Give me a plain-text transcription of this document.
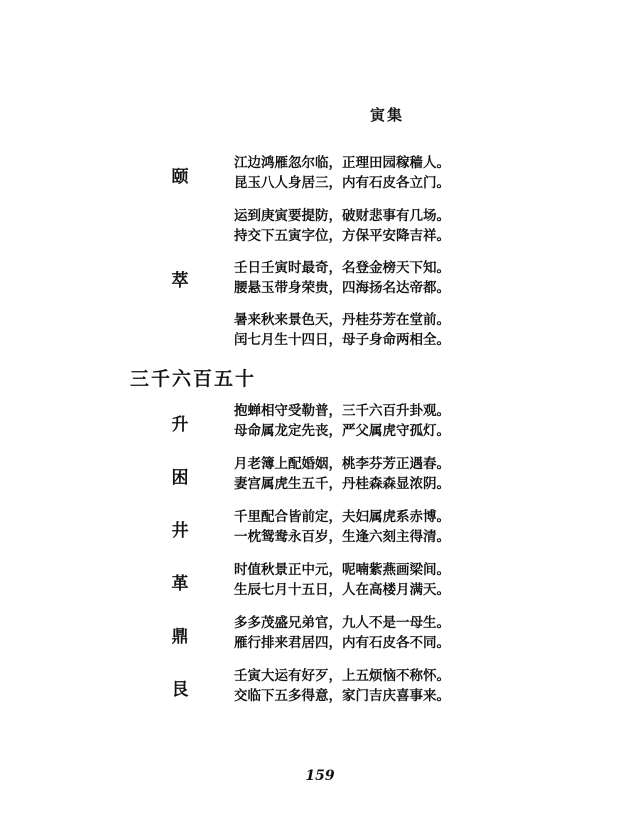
寅集
颐
江边鸿雁忽尔临，正理田园稼穑人。
昆玉八人身居三，内有石皮各立门。
运到庚寅要提防，破财悲事有几场。
持交下五寅字位，方保平安降吉祥。
萃
壬日壬寅时最奇，名登金榜天下知。
腰悬玉带身荣贵，四海扬名达帝都。
暑来秋来景色天，丹桂芬芳在堂前。
闰七月生十四日，母子身命两相全。
三千六百五十
升
抱蝉相守受勒普，三千六百升卦观。
母命属龙定先丧，严父属虎守孤灯。
困
月老簿上配婚姻，桃李芬芳正遇春。
妻宫属虎生五千，丹桂森森显浓阴。
井
千里配合皆前定，夫妇属虎系赤博。
一枕鸳鸯永百岁，生逢六刻主得清。
革
时值秋景正中元，呢喃紫燕画梁间。
生辰七月十五日，人在高楼月满天。
鼎
多多茂盛兄弟官，九人不是一母生。
雁行排来君居四，内有石皮各不同。
艮
壬寅大运有好歹，上五烦恼不称怀。
交临下五多得意，家门吉庆喜事来。
159
